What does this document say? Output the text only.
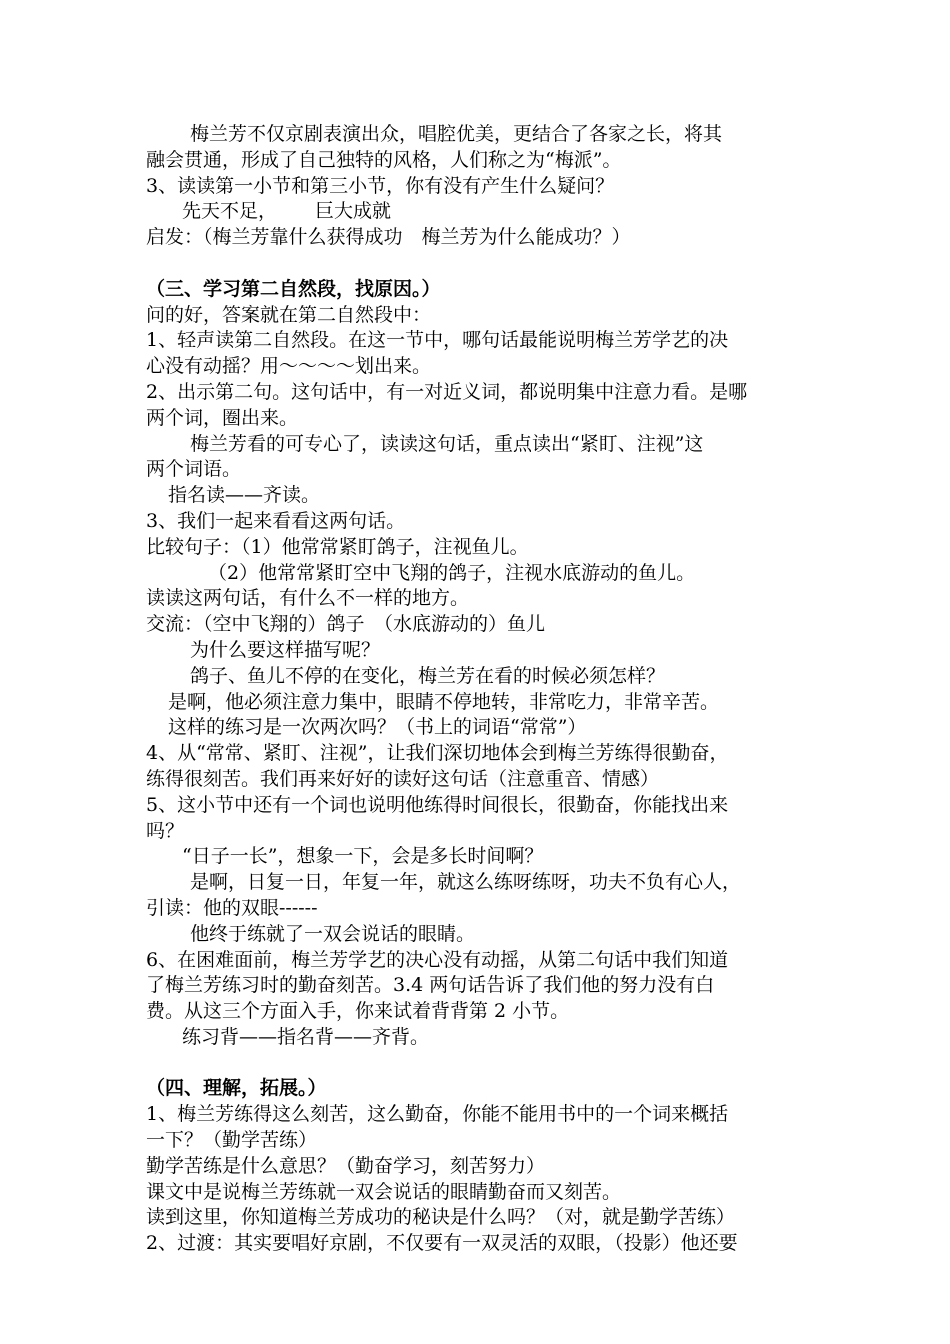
梅兰芳不仅京剧表演出众，唱腔优美，更结合了各家之长，将其

融会贯通，形成了自己独特的风格，人们称之为“梅派”。

3、读读第一小节和第三小节，你有没有产生什么疑问？

先天不足， 巨大成就

启发：（梅兰芳靠什么获得成功　梅兰芳为什么能成功？）

（三、学习第二自然段，找原因。）

问的好，答案就在第二自然段中：

1、轻声读第二自然段。在这一节中，哪句话最能说明梅兰芳学艺的决

心没有动摇？用～～～～划出来。

2、出示第二句。这句话中，有一对近义词，都说明集中注意力看。是哪

两个词，圈出来。

梅兰芳看的可专心了，读读这句话，重点读出“紧盯、注视”这

两个词语。

指名读——齐读。

3、我们一起来看看这两句话。

比较句子：（1）他常常紧盯鸽子，注视鱼儿。

（2）他常常紧盯空中飞翔的鸽子，注视水底游动的鱼儿。

读读这两句话，有什么不一样的地方。

交流：（空中飞翔的）鸽子　（水底游动的）鱼儿

为什么要这样描写呢？

鸽子、鱼儿不停的在变化，梅兰芳在看的时候必须怎样？

是啊，他必须注意力集中，眼睛不停地转，非常吃力，非常辛苦。

这样的练习是一次两次吗？（书上的词语“常常”）

4、从“常常、紧盯、注视”，让我们深切地体会到梅兰芳练得很勤奋，

练得很刻苦。我们再来好好的读好这句话（注意重音、情感）

5、这小节中还有一个词也说明他练得时间很长，很勤奋，你能找出来

吗？

“日子一长”，想象一下，会是多长时间啊？

是啊，日复一日，年复一年，就这么练呀练呀，功夫不负有心人，

引读：他的双眼------

他终于练就了一双会说话的眼睛。

6、在困难面前，梅兰芳学艺的决心没有动摇，从第二句话中我们知道

了梅兰芳练习时的勤奋刻苦。3.4 两句话告诉了我们他的努力没有白

费。从这三个方面入手，你来试着背背第 2 小节。

练习背——指名背——齐背。

（四、理解，拓展。）

1、梅兰芳练得这么刻苦，这么勤奋，你能不能用书中的一个词来概括

一下？（勤学苦练）

勤学苦练是什么意思？（勤奋学习，刻苦努力）

课文中是说梅兰芳练就一双会说话的眼睛勤奋而又刻苦。

读到这里，你知道梅兰芳成功的秘诀是什么吗？（对，就是勤学苦练）

2、过渡：其实要唱好京剧，不仅要有一双灵活的双眼，（投影）他还要
